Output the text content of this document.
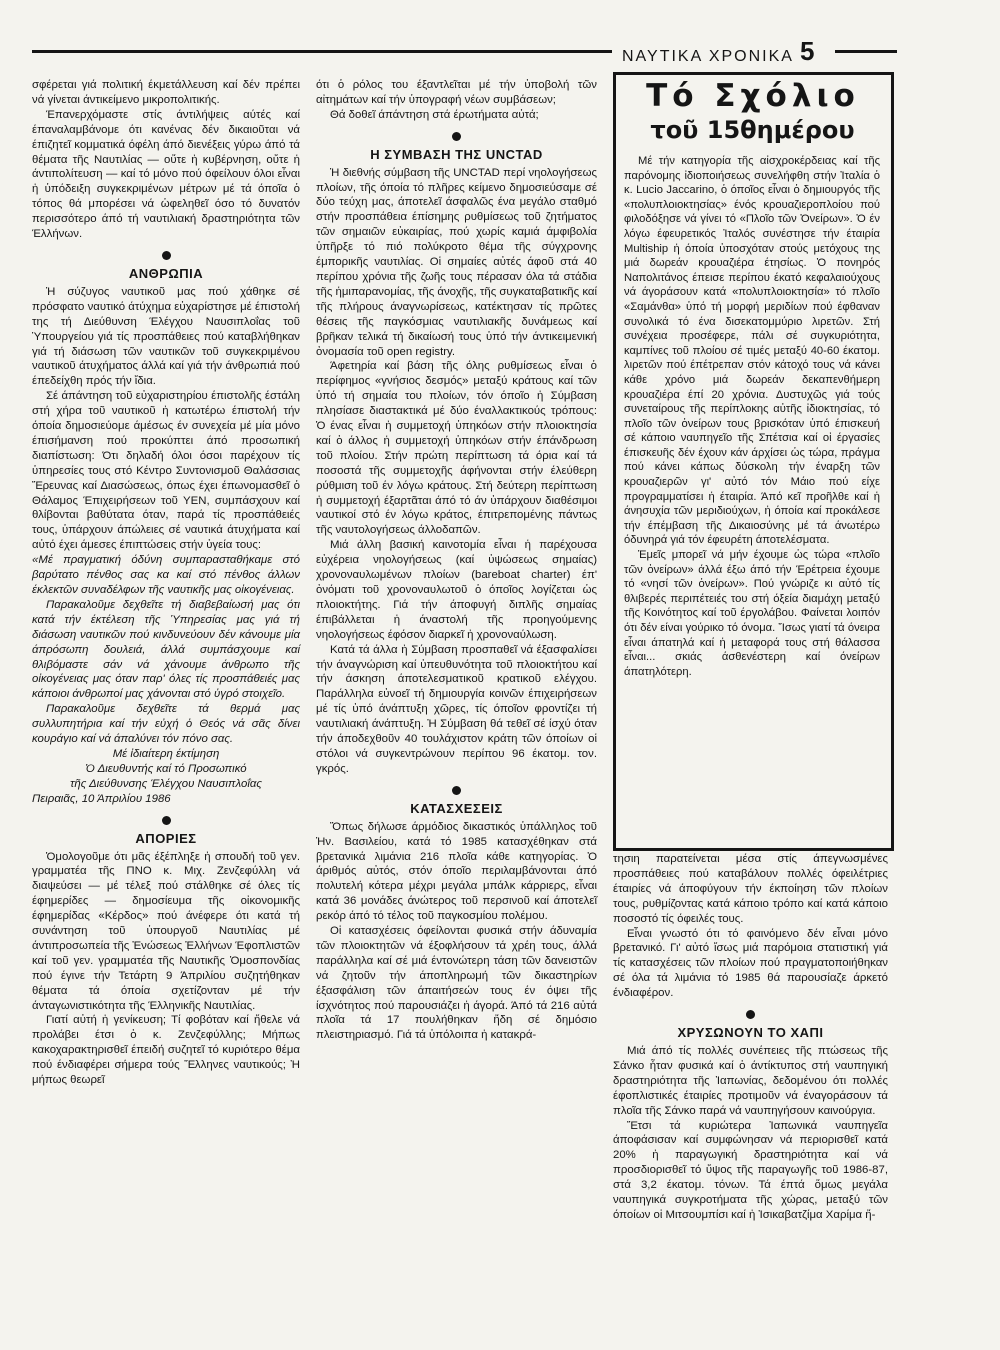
ΝΑΥΤΙΚΑ ΧΡΟΝΙΚΑ 5

σφέρεται γιά πολιτική έκμετάλλευση καί δέν πρέπει νά γίνεται άντικείμενο μικροπολιτικής.

Έπανερχόμαστε στίς άντιλήψεις αύτές καί έπαναλαμβάνομε ότι κανένας δέν δικαιοῦται νά έπιζητεῖ κομματικά όφέλη άπό διενέξεις γύρω άπό τά θέματα τῆς Ναυτιλίας — οὔτε ἡ κυβέρνηση, οὔτε ἡ άντιπολίτευση — καί τό μόνο πού όφείλουν όλοι εἶναι ἡ ὑπόδειξη συγκεκριμένων μέτρων μέ τά όποῖα ὁ τόπος θά μπορέσει νά ὡφεληθεῖ όσο τό δυνατόν περισσότερο άπό τή ναυτιλιακή δραστηριότητα τῶν Έλλήνων.

ΑΝΘΡΩΠΙΑ

Ἡ σύζυγος ναυτικοῦ μας πού χάθηκε σέ πρόσφατο ναυτικό άτύχημα εὐχαρίστησε μέ έπιστολή της τή Διεύθυνση Έλέγχου Ναυσιπλοΐας τοῦ Ὑπουργείου γιά τίς προσπάθειες πού καταβλήθηκαν γιά τή διάσωση τῶν ναυτικῶν τοῦ συγκεκριμένου ναυτικοῦ άτυχήματος άλλά καί γιά τήν άνθρωπιά πού έπεδείχθη πρός τήν ἴδια.

Σέ άπάντηση τοῦ εὐχαριστηρίου έπιστολῆς έστάλη στή χήρα τοῦ ναυτικοῦ ἡ κατωτέρω έπιστολή τήν όποία δημοσιεύομε άμέσως έν συνεχεία μέ μία μόνο έπισήμανση πού προκύπτει άπό προσωπική διαπίστωση: Ότι δηλαδή όλοι όσοι παρέχουν τίς ὑπηρεσίες τους στό Κέντρο Συντονισμοῦ Θαλάσσιας Ἔρευνας καί Διασώσεως, όπως έχει έπωνομασθεῖ ὁ Θάλαμος Έπιχειρήσεων τοῦ ΥΕΝ, συμπάσχουν καί θλίβονται βαθύτατα όταν, παρά τίς προσπάθειές τους, ὑπάρχουν άπώλειες σέ ναυτικά άτυχήματα καί αὐτό έχει άμεσες έπιπτώσεις στήν ὑγεία τους:

«Μέ πραγματική όδύνη συμπαρασταθήκαμε στό βαρύτατο πένθος σας κα καί στό πένθος άλλων έκλεκτῶν συναδέλφων τῆς ναυτικῆς μας οἰκογένειας.

Παρακαλοῦμε δεχθεῖτε τή διαβεβαίωσή μας ότι κατά τήν έκτέλεση τῆς Ὑπηρεσίας μας γιά τή διάσωση ναυτικῶν πού κινδυνεύουν δέν κάνουμε μία άπρόσωπη δουλειά, άλλά συμπάσχουμε καί θλιβόμαστε σάν νά χάνουμε άνθρωπο τῆς οἰκογένειας μας όταν παρ' όλες τίς προσπάθειές μας κάποιοι άνθρωποί μας χάνονται στό ὑγρό στοιχεῖο.

Παρακαλοῦμε δεχθεῖτε τά θερμά μας συλλυπητήρια καί τήν εὐχή ὁ Θεός νά σᾶς δίνει κουράγιο καί νά άπαλύνει τόν πόνο σας.

Μέ ἰδιαίτερη έκτίμηση

Ὁ Διευθυντής καί τό Προσωπικό

τῆς Διεύθυνσης Έλέγχου Ναυσιπλοΐας

Πειραιᾶς, 10 Άπριλίου 1986

ΑΠΟΡΙΕΣ

Ὁμολογοῦμε ότι μᾶς έξέπληξε ἡ σπουδή τοῦ γεν. γραμματέα τῆς ΠΝΟ κ. Μιχ. Ζενζεφύλλη νά διαψεύσει — μέ τέλεξ πού στάλθηκε σέ όλες τίς έφημερίδες — δημοσίευμα τῆς οἰκονομικῆς έφημερίδας «Κέρδος» πού άνέφερε ότι κατά τή συνάντηση τοῦ ὑπουργοῦ Ναυτιλίας μέ άντιπροσωπεία τῆς Ἑνώσεως Ἑλλήνων Έφοπλιστῶν καί τοῦ γεν. γραμματέα τῆς Ναυτικῆς Ὁμοσπονδίας πού έγινε τήν Τετάρτη 9 Άπριλίου συζητήθηκαν θέματα τά όποία σχετίζονταν μέ τήν άνταγωνιστικότητα τῆς Έλληνικῆς Ναυτιλίας.

Γιατί αὐτή ἡ γενίκευση; Τί φοβόταν καί ἤθελε νά προλάβει έτσι ὁ κ. Ζενζεφύλλης; Μήπως κακοχαρακτηρισθεῖ έπειδή συζητεῖ τό κυριότερο θέμα πού ένδιαφέρει σήμερα τούς Ἕλληνες ναυτικούς; Ἡ μήπως θεωρεῖ

ότι ὁ ρόλος του έξαντλεῖται μέ τήν ὑποβολή τῶν αἰτημάτων καί τήν ὑπογραφή νέων συμβάσεων;

Θά δοθεῖ άπάντηση στά έρωτήματα αὐτά;

Η ΣΥΜΒΑΣΗ ΤΗΣ UNCTAD

Ἡ διεθνής σύμβαση τῆς UNCTAD περί νηολογήσεως πλοίων, τῆς όποία τό πλῆρες κείμενο δημοσιεύσαμε σέ δύο τεύχη μας, άποτελεῖ άσφαλῶς ένα μεγάλο σταθμό στήν προσπάθεια έπίσημης ρυθμίσεως τοῦ ζητήματος τῶν σημαιῶν εὐκαιρίας, πού χωρίς καμιά άμφιβολία ὑπῆρξε τό πιό πολύκροτο θέμα τῆς σύγχρονης έμπορικῆς ναυτιλίας. Οἱ σημαίες αὐτές άφοῦ στά 40 περίπου χρόνια τῆς ζωῆς τους πέρασαν όλα τά στάδια τῆς ἡμιπαρανομίας, τῆς άνοχῆς, τῆς συγκαταβατικῆς καί τῆς πλήρους άναγνωρίσεως, κατέκτησαν τίς πρῶτες θέσεις τῆς παγκόσμιας ναυτιλιακῆς δυνάμεως καί βρῆκαν τελικά τή δικαίωσή τους ὑπό τήν άντικειμενική ὀνομασία τοῦ open registry.

Άφετηρία καί βάση τῆς όλης ρυθμίσεως εἶναι ὁ περίφημος «γνήσιος δεσμός» μεταξύ κράτους καί τῶν ὑπό τή σημαία του πλοίων, τόν όποῖο ἡ Σύμβαση πλησίασε διαστακτικά μέ δύο έναλλακτικούς τρόπους: Ὁ ένας εἶναι ἡ συμμετοχή ὑπηκόων στήν πλοιοκτησία καί ὁ άλλος ἡ συμμετοχή ὑπηκόων στήν έπάνδρωση τοῦ πλοίου. Στήν πρώτη περίπτωση τά όρια καί τά ποσοστά τῆς συμμετοχῆς άφήνονται στήν έλεύθερη ρύθμιση τοῦ έν λόγω κράτους. Στή δεύτερη περίπτωση ἡ συμμετοχή έξαρτᾶται άπό τό άν ὑπάρχουν διαθέσιμοι ναυτικοί στό έν λόγω κράτος, έπιτρεπομένης πάντως τῆς ναυτολογήσεως άλλοδαπῶν.

Μιά άλλη βασική καινοτομία εἶναι ἡ παρέχουσα εὐχέρεια νηολογήσεως (καί ὑψώσεως σημαίας) χρονοναυλωμένων πλοίων (bareboat charter) έπ' ὀνόματι τοῦ χρονοναυλωτοῦ ὁ όποῖος λογίζεται ὡς πλοιοκτήτης. Γιά τήν άποφυγή διπλῆς σημαίας έπιβάλλεται ἡ άναστολή τῆς προηγούμενης νηολογήσεως έφόσον διαρκεῖ ἡ χρονοναύλωση.

Κατά τά άλλα ἡ Σύμβαση προσπαθεῖ νά έξασφαλίσει τήν άναγνώριση καί ὑπευθυνότητα τοῦ πλοιοκτήτου καί τήν άσκηση άποτελεσματικοῦ κρατικοῦ ελέγχου. Παράλληλα εὐνοεῖ τή δημιουργία κοινῶν έπιχειρήσεων μέ τίς ὑπό άνάπτυξη χῶρες, τίς όποῖον φροντίζει τή ναυτιλιακή άνάπτυξη. Ἡ Σύμβαση θά τεθεῖ σέ ίσχύ όταν τήν άποδεχθοῦν 40 τουλάχιστον κράτη τῶν όποίων οἱ στόλοι νά συγκεντρώνουν περίπου 96 έκατομ. τον. γκρός.

ΚΑΤΑΣΧΕΣΕΙΣ

Ὅπως δήλωσε άρμόδιος δικαστικός ὑπάλληλος τοῦ Ἡν. Βασιλείου, κατά τό 1985 κατασχέθηκαν στά βρετανικά λιμάνια 216 πλοῖα κάθε κατηγορίας. Ὁ άριθμός αὐτός, στόν όποῖο περιλαμβάνονται άπό πολυτελή κότερα μέχρι μεγάλα μπάλκ κάρριερς, εἶναι κατά 36 μονάδες άνώτερος τοῦ περσινοῦ καί άποτελεῖ ρεκόρ άπό τό τέλος τοῦ παγκοσμίου πολέμου.

Οἱ κατασχέσεις όφείλονται φυσικά στήν άδυναμία τῶν πλοιοκτητῶν νά έξοφλήσουν τά χρέη τους, άλλά παράλληλα καί σέ μιά έντονώτερη τάση τῶν δανειστῶν νά ζητοῦν τήν άποπληρωμή τῶν δικαστηρίων έξασφάλιση τῶν άπαιτήσεών τους έν όψει τῆς ίσχνότητος πού παρουσιάζει ἡ άγορά. Άπό τά 216 αὐτά πλοῖα τά 17 πουλήθηκαν ἤδη σέ δημόσιο πλειστηριασμό. Γιά τά ὑπόλοιπα ἡ κατακρά-

Τό Σχόλιο
τοῦ 15θημέρου

Μέ τήν κατηγορία τῆς αἰσχροκέρδειας καί τῆς παρόνομης ἰδιοποιήσεως συνελήφθη στήν Ἰταλία ὁ κ. Lucio Jaccarino, ὁ όποῖος εἶναι ὁ δημιουργός τῆς «πολυπλοιοκτησίας» ένός κρουαζιεροπλοίου πού φιλοδόξησε νά γίνει τό «Πλοῖο τῶν Ὀνείρων». Ὁ έν λόγω έφευρετικός Ἰταλός συνέστησε τήν έταιρία Multiship ἡ όποία ὑποσχόταν στούς μετόχους της μιά δωρεάν κρουαζιέρα έτησίως. Ὁ πονηρός Ναπολιτάνος έπεισε περίπου έκατό κεφαλαιούχους νά άγοράσουν κατά «πολυπλοιοκτησία» τό πλοῖο «Σαμάνθα» ὑπό τή μορφή μεριδίων πού έφθαναν συνολικά τό ένα δισεκατομμύριο λιρετῶν. Στή συνέχεια προσέφερε, πάλι σέ συγκυριότητα, καμπίνες τοῦ πλοίου σέ τιμές μεταξύ 40-60 έκατομ. λιρετῶν πού έπέτρεπαν στόν κάτοχό τους νά κάνει κάθε χρόνο μιά δωρεάν δεκαπενθήμερη κρουαζιέρα έπί 20 χρόνια. Δυστυχῶς γιά τούς συνεταίρους τῆς περίπλοκης αὐτῆς ἰδιοκτησίας, τό πλοῖο τῶν ὀνείρων τους βρισκόταν ὑπό έπισκευή σέ κάποιο ναυπηγεῖο τῆς Σπέτσια καί οἱ έργασίες έπισκευῆς δέν έχουν κάν άρχίσει ὡς τώρα, πράγμα πού κάνει κάπως δύσκολη τήν έναρξη τῶν κρουαζιερῶν γι' αὐτό τόν Μάιο πού είχε προγραμματίσει ἡ έταιρία. Άπό κεῖ προῆλθε καί ἡ άνησυχία τῶν μεριδιούχων, ἡ όποία καί προκάλεσε τήν έπέμβαση τῆς Δικαιοσύνης μέ τά άνωτέρω όδυνηρά γιά τόν έφευρέτη άποτελέσματα.

Ἐμεῖς μπορεῖ νά μήν έχουμε ὡς τώρα «πλοῖο τῶν ὀνείρων» άλλά έξω άπό τήν Έρέτρεια έχουμε τό «νησί τῶν ὀνείρων». Πού γνώριζε κι αὐτό τίς θλιβερές περιπέτειές του στή όξεία διαμάχη μεταξύ τῆς Κοινότητος καί τοῦ έργολάβου. Φαίνεται λοιπόν ότι δέν είναι γούρικο τό όνομα. Ἴσως γιατί τά όνειρα εἶναι άπατηλά καί ἡ μεταφορά τους στή θάλασσα εἶναι... σκιάς άσθενέστερη καί όνείρων άπατηλότερη.

τησιη παρατείνεται μέσα στίς άπεγνωσμένες προσπάθειες πού καταβάλουν πολλές όφειλέτριες έταιρίες νά άποφύγουν τήν έκποίηση τῶν πλοίων τους, ρυθμίζοντας κατά κάποιο τρόπο καί κατά κάποιο ποσοστό τίς όφειλές τους.

Εἶναι γνωστό ότι τό φαινόμενο δέν εἶναι μόνο βρετανικό. Γι' αὐτό ἴσως μιά παρόμοια στατιστική γιά τίς κατασχέσεις τῶν πλοίων πού πραγματοποιήθηκαν σέ όλα τά λιμάνια τό 1985 θά παρουσίαζε άρκετό ένδιαφέρον.

ΧΡΥΣΩΝΟΥΝ ΤΟ ΧΑΠΙ

Μιά άπό τίς πολλές συνέπειες τῆς πτώσεως τῆς Σάνκο ἦταν φυσικά καί ὁ άντίκτυπος στή ναυπηγική δραστηριότητα τῆς Ἰαπωνίας, δεδομένου ότι πολλές έφοπλιστικές έταιρίες προτιμοῦν νά έναγοράσουν τά πλοῖα τῆς Σάνκο παρά νά ναυπηγήσουν καινούργια.

Ἔτσι τά κυριώτερα Ἰαπωνικά ναυπηγεῖα άποφάσισαν καί συμφώνησαν νά περιορισθεῖ κατά 20% ἡ παραγωγική δραστηριότητα καί νά προσδιορισθεῖ τό ὕψος τῆς παραγωγῆς τοῦ 1986-87, στά 3,2 έκατομ. τόνων. Τά έπτά ὅμως μεγάλα ναυπηγικά συγκροτήματα τῆς χώρας, μεταξύ τῶν όποίων οἱ Μιτσουμπίσι καί ἡ Ἰσικαβατζίμα Χαρίμα ἤ-
